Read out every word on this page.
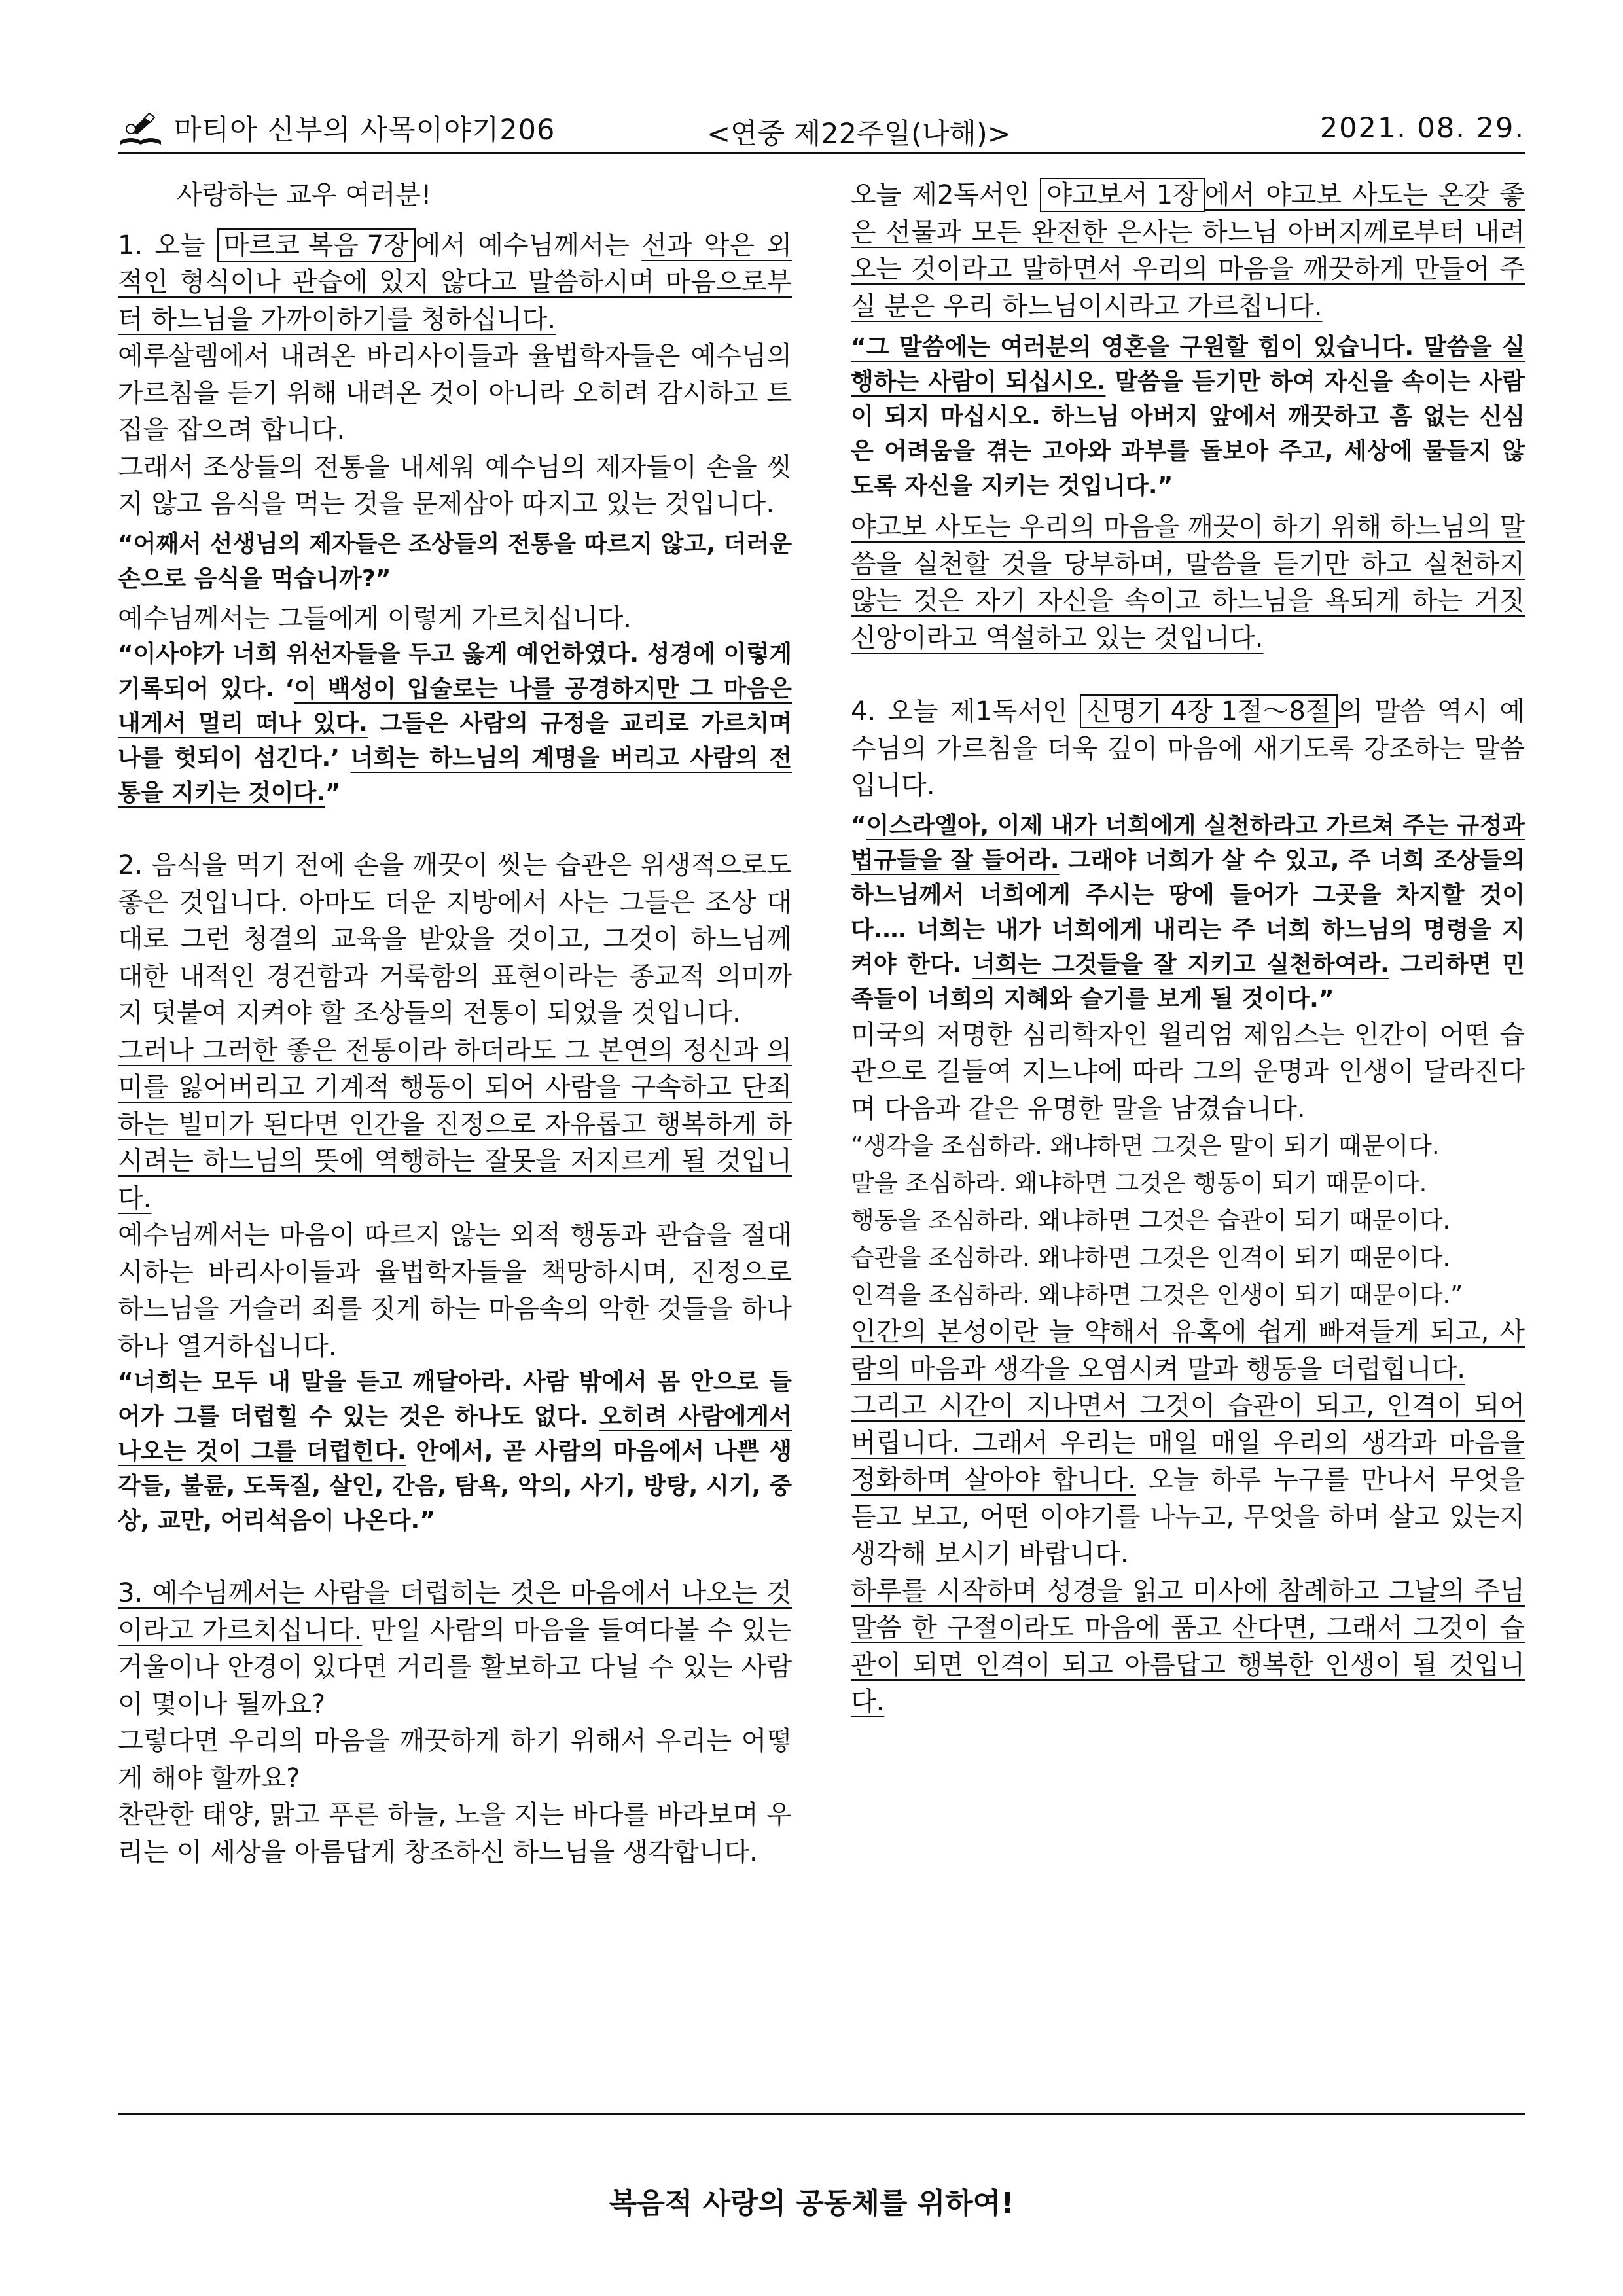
마티아 신부의 사목이야기206	<연중 제22주일(나해)>	2021. 08. 29.

사랑하는 교우 여러분!

1. 오늘 마르코 복음 7장 에서 예수님께서는 선과 악은 외적인 형식이나 관습에 있지 않다고 말씀하시며 마음으로부터 하느님을 가까이하기를 청하십니다.

예루살렘에서 내려온 바리사이들과 율법학자들은 예수님의 가르침을 듣기 위해 내려온 것이 아니라 오히려 감시하고 트집을 잡으려 합니다.

그래서 조상들의 전통을 내세워 예수님의 제자들이 손을 씻지 않고 음식을 먹는 것을 문제삼아 따지고 있는 것입니다.

“어째서 선생님의 제자들은 조상들의 전통을 따르지 않고, 더러운 손으로 음식을 먹습니까?”

예수님께서는 그들에게 이렇게 가르치십니다.

“이사야가 너희 위선자들을 두고 옳게 예언하였다. 성경에 이렇게 기록되어 있다. ‘이 백성이 입술로는 나를 공경하지만 그 마음은 내게서 멀리 떠나 있다. 그들은 사람의 규정을 교리로 가르치며 나를 헛되이 섬긴다.’ 너희는 하느님의 계명을 버리고 사람의 전통을 지키는 것이다.”

2. 음식을 먹기 전에 손을 깨끗이 씻는 습관은 위생적으로도 좋은 것입니다. 아마도 더운 지방에서 사는 그들은 조상 대대로 그런 청결의 교육을 받았을 것이고, 그것이 하느님께 대한 내적인 경건함과 거룩함의 표현이라는 종교적 의미까지 덧붙여 지켜야 할 조상들의 전통이 되었을 것입니다.

그러나 그러한 좋은 전통이라 하더라도 그 본연의 정신과 의미를 잃어버리고 기계적 행동이 되어 사람을 구속하고 단죄하는 빌미가 된다면 인간을 진정으로 자유롭고 행복하게 하시려는 하느님의 뜻에 역행하는 잘못을 저지르게 될 것입니다.

예수님께서는 마음이 따르지 않는 외적 행동과 관습을 절대시하는 바리사이들과 율법학자들을 책망하시며, 진정으로 하느님을 거슬러 죄를 짓게 하는 마음속의 악한 것들을 하나하나 열거하십니다.

“너희는 모두 내 말을 듣고 깨달아라. 사람 밖에서 몸 안으로 들어가 그를 더럽힐 수 있는 것은 하나도 없다. 오히려 사람에게서 나오는 것이 그를 더럽힌다. 안에서, 곧 사람의 마음에서 나쁜 생각들, 불륜, 도둑질, 살인, 간음, 탐욕, 악의, 사기, 방탕, 시기, 중상, 교만, 어리석음이 나온다.”

3. 예수님께서는 사람을 더럽히는 것은 마음에서 나오는 것이라고 가르치십니다. 만일 사람의 마음을 들여다볼 수 있는 거울이나 안경이 있다면 거리를 활보하고 다닐 수 있는 사람이 몇이나 될까요?

그렇다면 우리의 마음을 깨끗하게 하기 위해서 우리는 어떻게 해야 할까요?

찬란한 태양, 맑고 푸른 하늘, 노을 지는 바다를 바라보며 우리는 이 세상을 아름답게 창조하신 하느님을 생각합니다.

오늘 제2독서인 야고보서 1장 에서 야고보 사도는 온갖 좋은 선물과 모든 완전한 은사는 하느님 아버지께로부터 내려오는 것이라고 말하면서 우리의 마음을 깨끗하게 만들어 주실 분은 우리 하느님이시라고 가르칩니다.

“그 말씀에는 여러분의 영혼을 구원할 힘이 있습니다. 말씀을 실행하는 사람이 되십시오. 말씀을 듣기만 하여 자신을 속이는 사람이 되지 마십시오. 하느님 아버지 앞에서 깨끗하고 흠 없는 신심은 어려움을 겪는 고아와 과부를 돌보아 주고, 세상에 물들지 않도록 자신을 지키는 것입니다.”

야고보 사도는 우리의 마음을 깨끗이 하기 위해 하느님의 말씀을 실천할 것을 당부하며, 말씀을 듣기만 하고 실천하지 않는 것은 자기 자신을 속이고 하느님을 욕되게 하는 거짓 신앙이라고 역설하고 있는 것입니다.

4. 오늘 제1독서인 신명기 4장 1절～8절 의 말씀 역시 예수님의 가르침을 더욱 깊이 마음에 새기도록 강조하는 말씀입니다.

“이스라엘아, 이제 내가 너희에게 실천하라고 가르쳐 주는 규정과 법규들을 잘 들어라. 그래야 너희가 살 수 있고, 주 너희 조상들의 하느님께서 너희에게 주시는 땅에 들어가 그곳을 차지할 것이다.… 너희는 내가 너희에게 내리는 주 너희 하느님의 명령을 지켜야 한다. 너희는 그것들을 잘 지키고 실천하여라. 그리하면 민족들이 너희의 지혜와 슬기를 보게 될 것이다.”

미국의 저명한 심리학자인 윌리엄 제임스는 인간이 어떤 습관으로 길들여 지느냐에 따라 그의 운명과 인생이 달라진다며 다음과 같은 유명한 말을 남겼습니다.

“생각을 조심하라. 왜냐하면 그것은 말이 되기 때문이다.
말을 조심하라. 왜냐하면 그것은 행동이 되기 때문이다.
행동을 조심하라. 왜냐하면 그것은 습관이 되기 때문이다.
습관을 조심하라. 왜냐하면 그것은 인격이 되기 때문이다.
인격을 조심하라. 왜냐하면 그것은 인생이 되기 때문이다.”

인간의 본성이란 늘 약해서 유혹에 쉽게 빠져들게 되고, 사람의 마음과 생각을 오염시켜 말과 행동을 더럽힙니다.

그리고 시간이 지나면서 그것이 습관이 되고, 인격이 되어 버립니다. 그래서 우리는 매일 매일 우리의 생각과 마음을 정화하며 살아야 합니다. 오늘 하루 누구를 만나서 무엇을 듣고 보고, 어떤 이야기를 나누고, 무엇을 하며 살고 있는지 생각해 보시기 바랍니다.

하루를 시작하며 성경을 읽고 미사에 참례하고 그날의 주님 말씀 한 구절이라도 마음에 품고 산다면, 그래서 그것이 습관이 되면 인격이 되고 아름답고 행복한 인생이 될 것입니다.

복음적 사랑의 공동체를 위하여!
